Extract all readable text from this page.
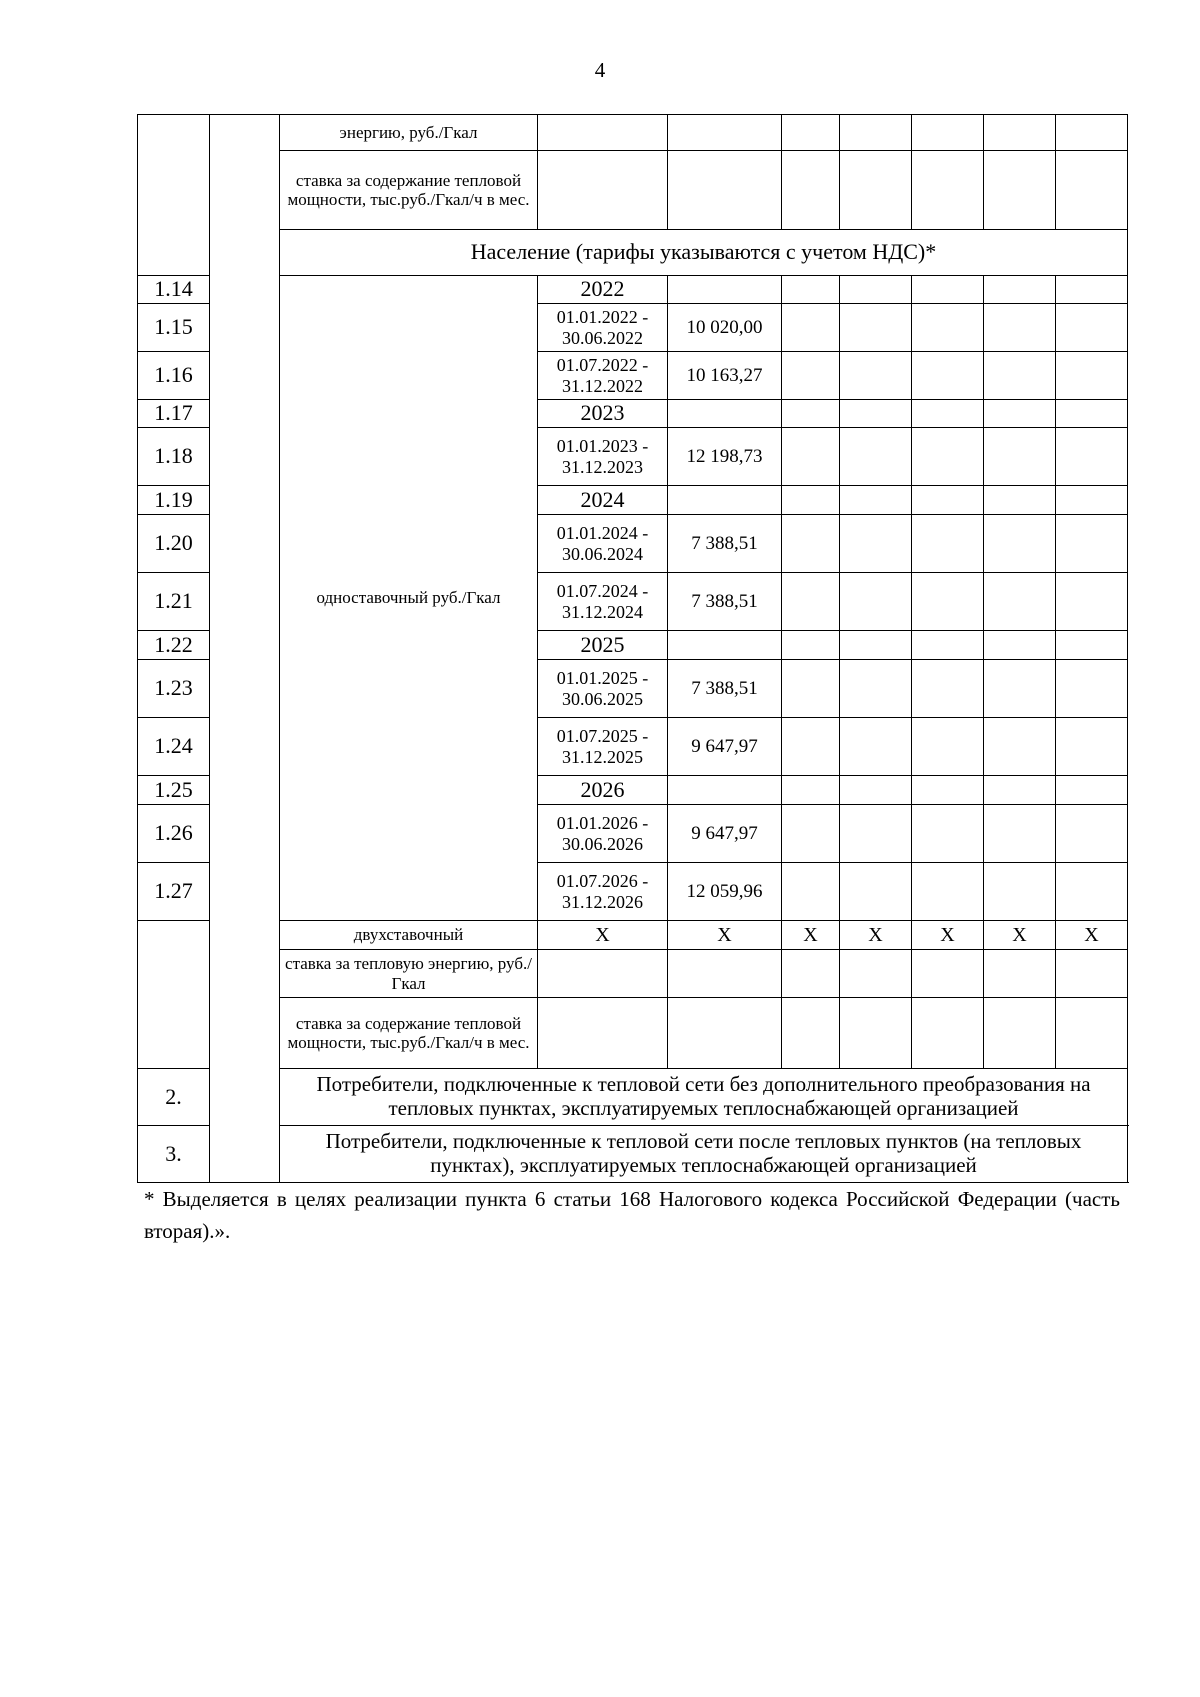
4
		энергию, руб./Гкал							
		ставка за содержание тепловой мощности, тыс.руб./Гкал/ч в мес.							
		Население (тарифы указываются с учетом НДС)*							
1.14		одноставочный руб./Гкал	2022						
1.15			01.01.2022 - 30.06.2022	10 020,00					
1.16			01.07.2022 - 31.12.2022	10 163,27					
1.17			2023						
1.18			01.01.2023 - 31.12.2023	12 198,73					
1.19			2024						
1.20			01.01.2024 - 30.06.2024	7 388,51					
1.21			01.07.2024 - 31.12.2024	7 388,51					
1.22			2025						
1.23			01.01.2025 - 30.06.2025	7 388,51					
1.24			01.07.2025 - 31.12.2025	9 647,97					
1.25			2026						
1.26			01.01.2026 - 30.06.2026	9 647,97					
1.27			01.07.2026 - 31.12.2026	12 059,96					
		двухставочный	Х	Х	Х	Х	Х	Х	Х
		ставка за тепловую энергию, руб./Гкал							
		ставка за содержание тепловой мощности, тыс.руб./Гкал/ч в мес.							
2.		Потребители, подключенные к тепловой сети без дополнительного преобразования на тепловых пунктах, эксплуатируемых теплоснабжающей организацией							
3.		Потребители, подключенные к тепловой сети после тепловых пунктов (на тепловых пунктах), эксплуатируемых теплоснабжающей организацией							
* Выделяется в целях реализации пункта 6 статьи 168 Налогового кодекса Российской Федерации (часть вторая).».
